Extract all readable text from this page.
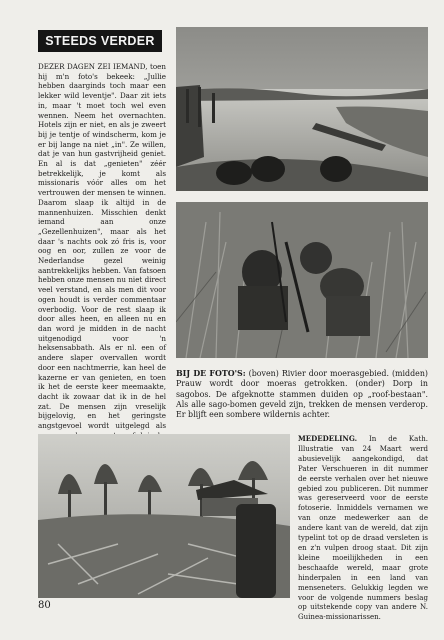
STEEDS VERDER

DEZER DAGEN ZEI IEMAND, toen hij m'n foto's bekeek: „Jullie hebben daarginds toch maar een lekker wild leventje". Daar zit iets in, maar 't moet toch wel even wennen. Neem het overnachten. Hotels zijn er niet, en als je zweert bij je tentje of windscherm, kom je er bij lange na niet „in". Ze willen, dat je van hun gastvrijheid geniet. En al is dat „genieten" zéér betrekkelijk, je komt als missionaris vóór alles om het vertrouwen der mensen te winnen. Daarom slaap ik altijd in de mannenhuizen. Misschien denkt iemand aan onze „Gezellenhuizen", maar als het daar 's nachts ook zó fris is, voor oog en oor, zullen ze voor de Nederlandse gezel weinig aantrekkelijks hebben. Van fatsoen hebben onze mensen nu niet direct veel verstand, en als men dit voor ogen houdt is verder commentaar overbodig. Voor de rest slaap ik door alles heen, en alleen nu en dan word je midden in de nacht uitgenodigd voor 'n heksensabbath. Als er nl. een of andere slaper overvallen wordt door een nachtmerrie, kan heel de kazerne er van genieten, en toen ik het de eerste keer meemaakte, dacht ik zowaar dat ik in de hel zat. De mensen zijn vreselijk bijgelovig, en het geringste angstgevoel wordt uitgelegd als

BIJ DE FOTO'S: (boven) Rivier door moerasgebied. (midden) Prauw wordt door moeras getrokken. (onder) Dorp in sagobos. De afgeknotte stammen duiden op „roof-bestaan". Als alle sago-bomen geveld zijn, trekken de mensen verderop. Er blijft een sombere wildernis achter.

MEDEDELING. In de Kath. Illustratie van 24 Maart werd abusievelijk aangekondigd, dat Pater Verschueren in dit nummer de eerste verhalen over het nieuwe gebied zou publiceren. Dit nummer was gereserveerd voor de eerste fotoserie. Inmiddels vernamen we van onze medewerker aan de andere kant van de wereld, dat zijn typelint tot op de draad versleten is en z'n vulpen droog staat. Dit zijn kleine moeilijkheden in een beschaafde wereld, maar grote hinderpalen in een land van menseneters. Gelukkig legden we voor de volgende nummers beslag op uitstekende copy van andere N. Guinea-missionarissen.

80
